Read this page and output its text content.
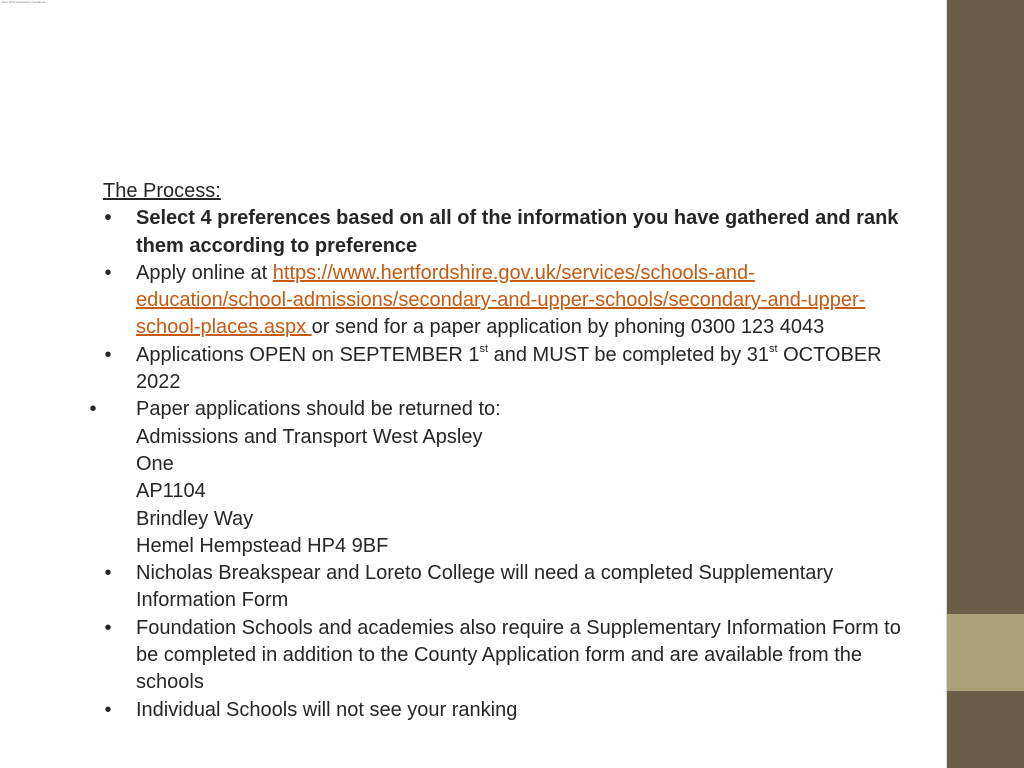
Rev. 2022 Admissions Guidance
The Process:
• Select 4 preferences based on all of the information you have gathered and rank them according to preference
• Apply online at https://www.hertfordshire.gov.uk/services/schools-and-education/school-admissions/secondary-and-upper-schools/secondary-and-upper-school-places.aspx or send for a paper application by phoning 0300 123 4043
• Applications OPEN on SEPTEMBER 1st and MUST be completed by 31st OCTOBER 2022
• Paper applications should be returned to:
Admissions and Transport West Apsley
One
AP1104
Brindley Way
Hemel Hempstead HP4 9BF
• Nicholas Breakspear and Loreto College will need a completed Supplementary Information Form
• Foundation Schools and academies also require a Supplementary Information Form to be completed in addition to the County Application form and are available from the schools
• Individual Schools will not see your ranking
